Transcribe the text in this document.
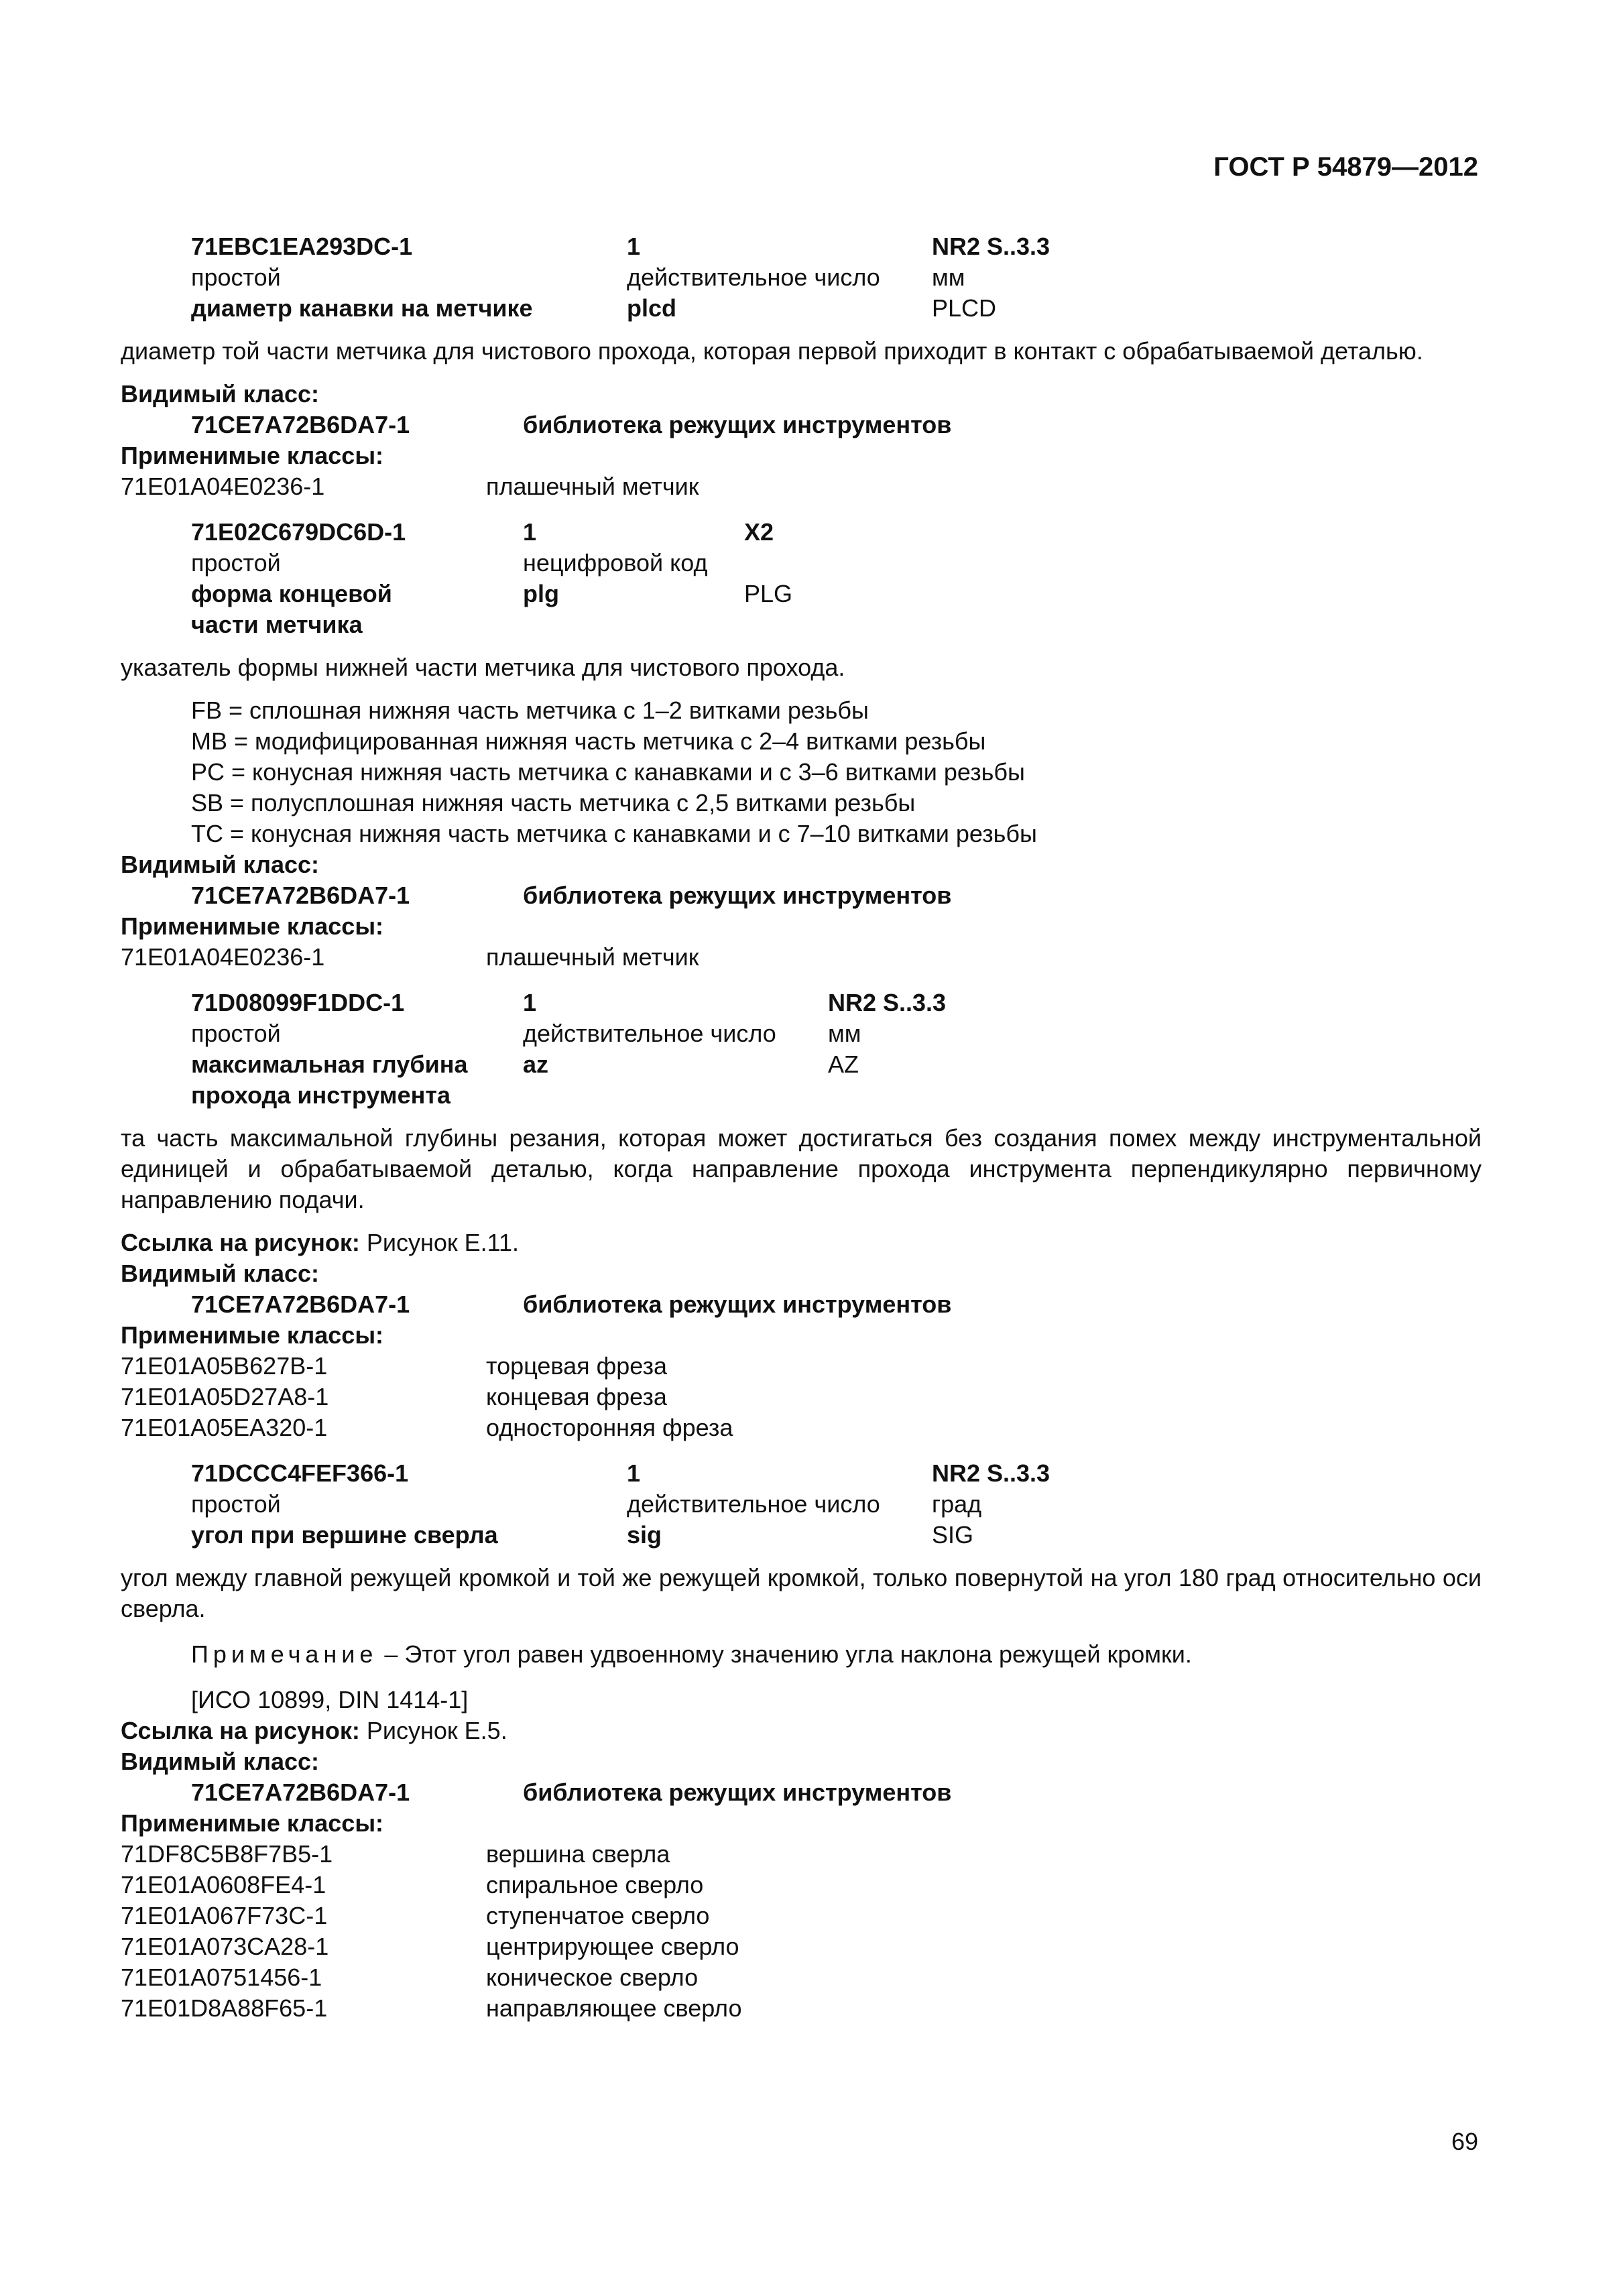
ГОСТ Р 54879—2012
71EBC1EA293DC-1	1	NR2 S..3.3
простой	действительное число	мм
диаметр канавки на метчике	plcd	PLCD
диаметр той части метчика для чистового прохода, которая первой приходит в контакт с обрабатываемой деталью.
Видимый класс:
71CE7A72B6DA7-1	библиотека режущих инструментов
Применимые классы:
71E01A04E0236-1	плашечный метчик
71E02C679DC6D-1	1	X2
простой	нецифровой код
форма концевой	plg	PLG
части метчика
указатель формы нижней части метчика для чистового прохода.
FB = сплошная нижняя часть метчика с 1–2 витками резьбы
MB = модифицированная нижняя часть метчика с 2–4 витками резьбы
PC = конусная нижняя часть метчика с канавками и с 3–6 витками резьбы
SB = полусплошная нижняя часть метчика с 2,5 витками резьбы
TC = конусная нижняя часть метчика с канавками и с 7–10 витками резьбы
Видимый класс:
71CE7A72B6DA7-1	библиотека режущих инструментов
Применимые классы:
71E01A04E0236-1	плашечный метчик
71D08099F1DDC-1	1	NR2 S..3.3
простой	действительное число	мм
максимальная глубина	az	AZ
прохода инструмента
та часть максимальной глубины резания, которая может достигаться без создания помех между инструментальной единицей и обрабатываемой деталью, когда направление прохода инструмента перпендикулярно первичному направлению подачи.
Ссылка на рисунок: Рисунок Е.11.
Видимый класс:
71CE7A72B6DA7-1	библиотека режущих инструментов
Применимые классы:
71E01A05B627B-1	торцевая фреза
71E01A05D27A8-1	концевая фреза
71E01A05EA320-1	односторонняя фреза
71DCCC4FEF366-1	1	NR2 S..3.3
простой	действительное число	град
угол при вершине сверла	sig	SIG
угол между главной режущей кромкой и той же режущей кромкой, только повернутой на угол 180 град относительно оси сверла.
Примечание – Этот угол равен удвоенному значению угла наклона режущей кромки.
[ИСО 10899, DIN 1414-1]
Ссылка на рисунок: Рисунок Е.5.
Видимый класс:
71CE7A72B6DA7-1	библиотека режущих инструментов
Применимые классы:
71DF8C5B8F7B5-1	вершина сверла
71E01A0608FE4-1	спиральное сверло
71E01A067F73C-1	ступенчатое сверло
71E01A073CA28-1	центрирующее сверло
71E01A0751456-1	коническое сверло
71E01D8A88F65-1	направляющее сверло
69
